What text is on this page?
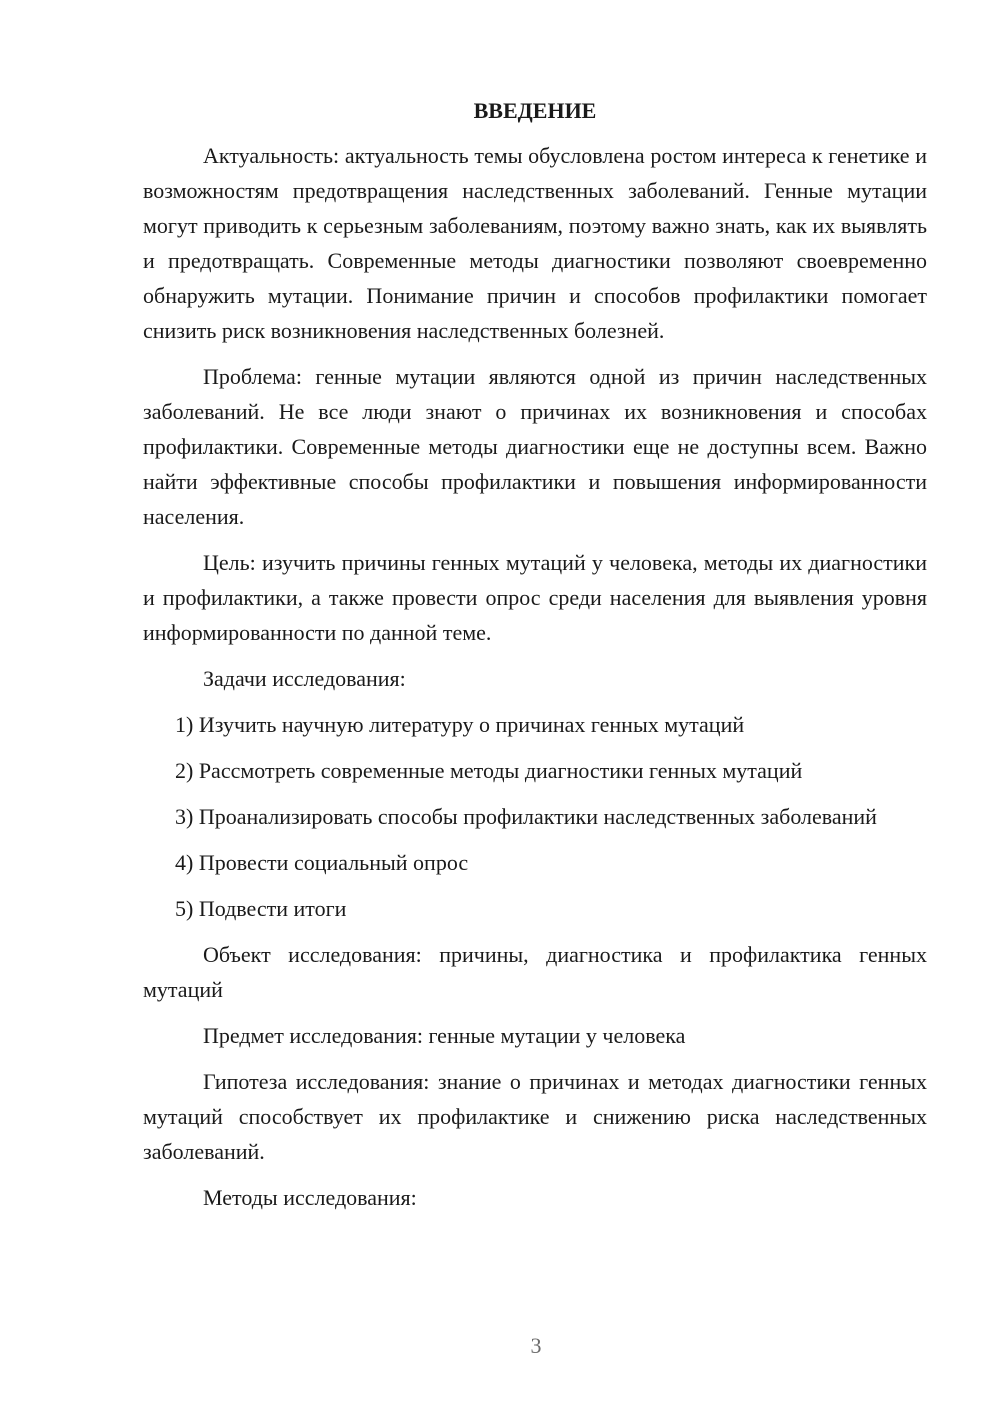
ВВЕДЕНИЕ

Актуальность: актуальность темы обусловлена ростом интереса к генетике и возможностям предотвращения наследственных заболеваний. Генные мутации могут приводить к серьезным заболеваниям, поэтому важно знать, как их выявлять и предотвращать. Современные методы диагностики позволяют своевременно обнаружить мутации. Понимание причин и способов профилактики помогает снизить риск возникновения наследственных болезней.

Проблема: генные мутации являются одной из причин наследственных заболеваний. Не все люди знают о причинах их возникновения и способах профилактики. Современные методы диагностики еще не доступны всем. Важно найти эффективные способы профилактики и повышения информированности населения.

Цель: изучить причины генных мутаций у человека, методы их диагностики и профилактики, а также провести опрос среди населения для выявления уровня информированности по данной теме.

Задачи исследования:

1) Изучить научную литературу о причинах генных мутаций

2) Рассмотреть современные методы диагностики генных мутаций

3) Проанализировать способы профилактики наследственных заболеваний

4) Провести социальный опрос

5) Подвести итоги

Объект исследования: причины, диагностика и профилактика генных мутаций

Предмет исследования: генные мутации у человека

Гипотеза исследования: знание о причинах и методах диагностики генных мутаций способствует их профилактике и снижению риска наследственных заболеваний.

Методы исследования:

3
